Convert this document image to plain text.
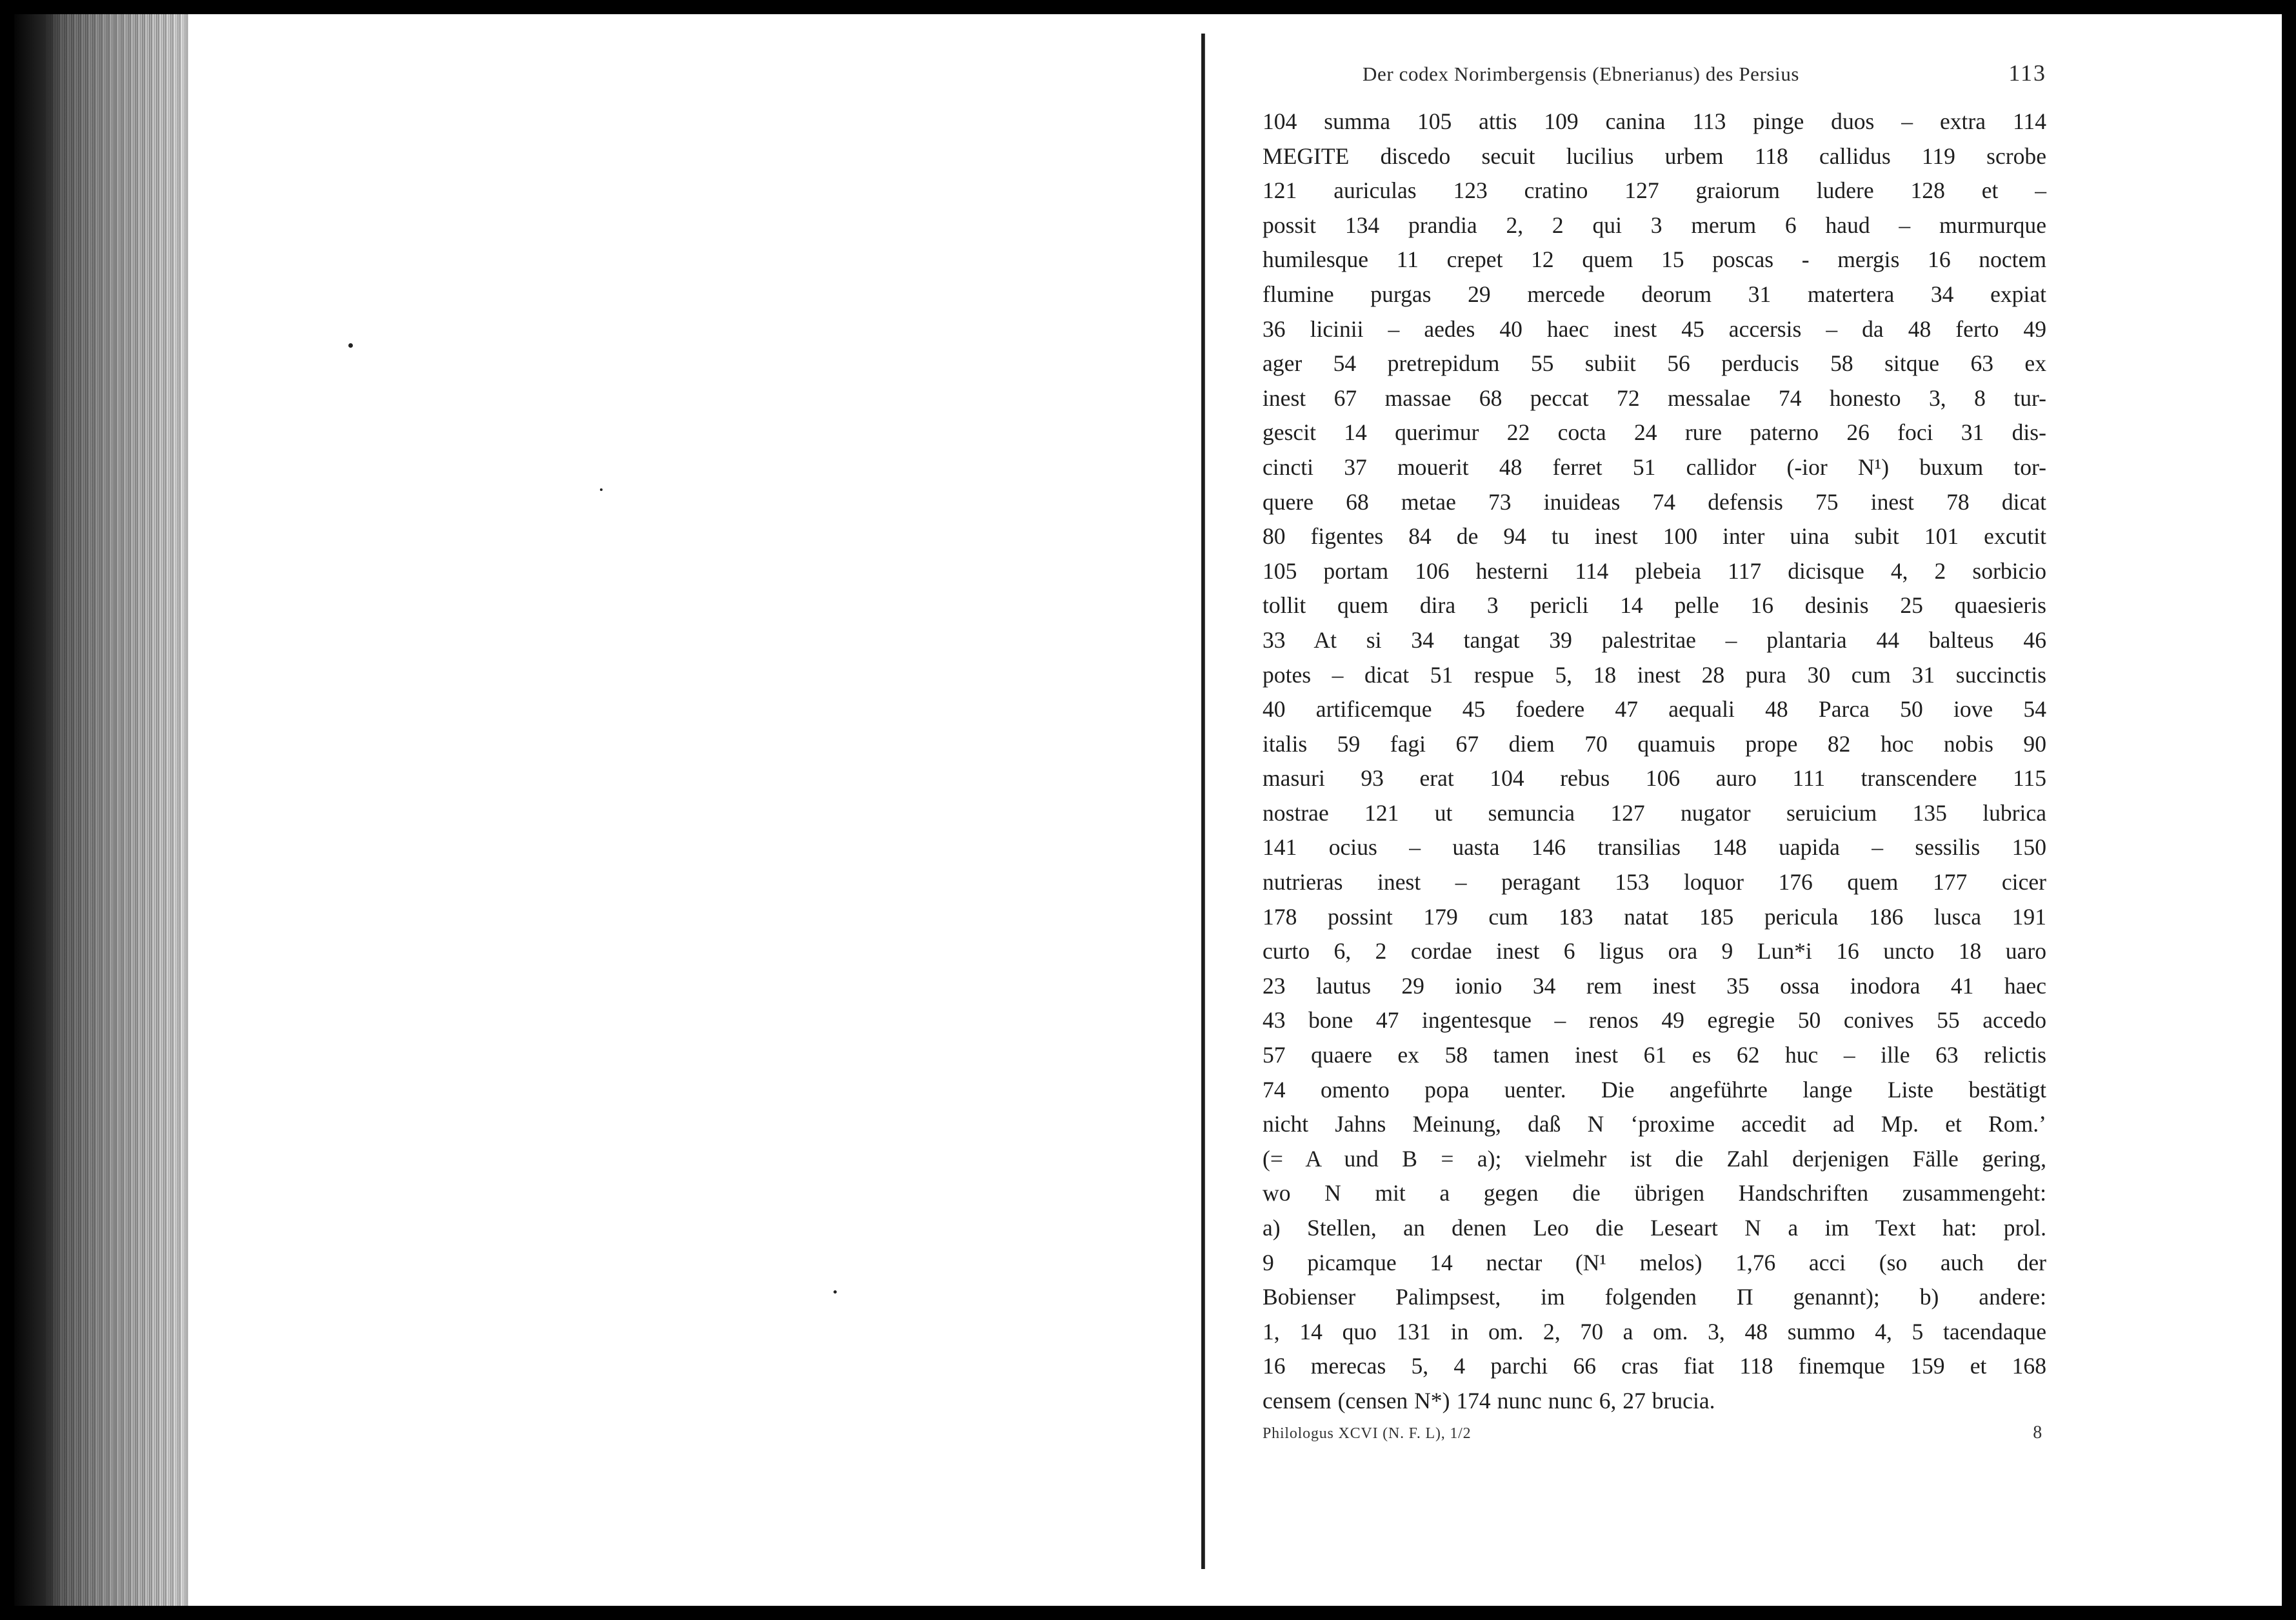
Der codex Norimbergensis (Ebnerianus) des Persius	113
104 summa 105 attis 109 canina 113 pinge duos – extra 114
MEGITE discedo secuit lucilius urbem 118 callidus 119 scrobe
121 auriculas 123 cratino 127 graiorum ludere 128 et –
possit 134 prandia 2, 2 qui 3 merum 6 haud – murmurque
humilesque 11 crepet 12 quem 15 poscas - mergis 16 noctem
flumine purgas 29 mercede deorum 31 matertera 34 expiat
36 licinii – aedes 40 haec inest 45 accersis – da 48 ferto 49
ager 54 pretrepidum 55 subiit 56 perducis 58 sitque 63 ex
inest 67 massae 68 peccat 72 messalae 74 honesto 3, 8 tur-
gescit 14 querimur 22 cocta 24 rure paterno 26 foci 31 dis-
cincti 37 mouerit 48 ferret 51 callidor (-ior N¹) buxum tor-
quere 68 metae 73 inuideas 74 defensis 75 inest 78 dicat
80 figentes 84 de 94 tu inest 100 inter uina subit 101 excutit
105 portam 106 hesterni 114 plebeia 117 dicisque 4, 2 sorbicio
tollit quem dira 3 pericli 14 pelle 16 desinis 25 quaesieris
33 At si 34 tangat 39 palestritae – plantaria 44 balteus 46
potes – dicat 51 respue 5, 18 inest 28 pura 30 cum 31 succinctis
40 artificemque 45 foedere 47 aequali 48 Parca 50 iove 54
italis 59 fagi 67 diem 70 quamuis prope 82 hoc nobis 90
masuri 93 erat 104 rebus 106 auro 111 transcendere 115
nostrae 121 ut semuncia 127 nugator seruicium 135 lubrica
141 ocius – uasta 146 transilias 148 uapida – sessilis 150
nutrieras inest – peragant 153 loquor 176 quem 177 cicer
178 possint 179 cum 183 natat 185 pericula 186 lusca 191
curto 6, 2 cordae inest 6 ligus ora 9 Lun*i 16 uncto 18 uaro
23 lautus 29 ionio 34 rem inest 35 ossa inodora 41 haec
43 bone 47 ingentesque – renos 49 egregie 50 conives 55 accedo
57 quaere ex 58 tamen inest 61 es 62 huc – ille 63 relictis
74 omento popa uenter. Die angeführte lange Liste bestätigt
nicht Jahns Meinung, daß N ‘proxime accedit ad Mp. et Rom.’
(= A und B = a); vielmehr ist die Zahl derjenigen Fälle gering,
wo N mit a gegen die übrigen Handschriften zusammengeht:
a) Stellen, an denen Leo die Leseart N a im Text hat: prol.
9 picamque 14 nectar (N¹ melos) 1,76 acci (so auch der
Bobienser Palimpsest, im folgenden Π genannt); b) andere:
1, 14 quo 131 in om. 2, 70 a om. 3, 48 summo 4, 5 tacendaque
16 merecas 5, 4 parchi 66 cras fiat 118 finemque 159 et 168
censem (censen N*) 174 nunc nunc 6, 27 brucia.
Philologus XCVI (N. F. L), 1/2	8
